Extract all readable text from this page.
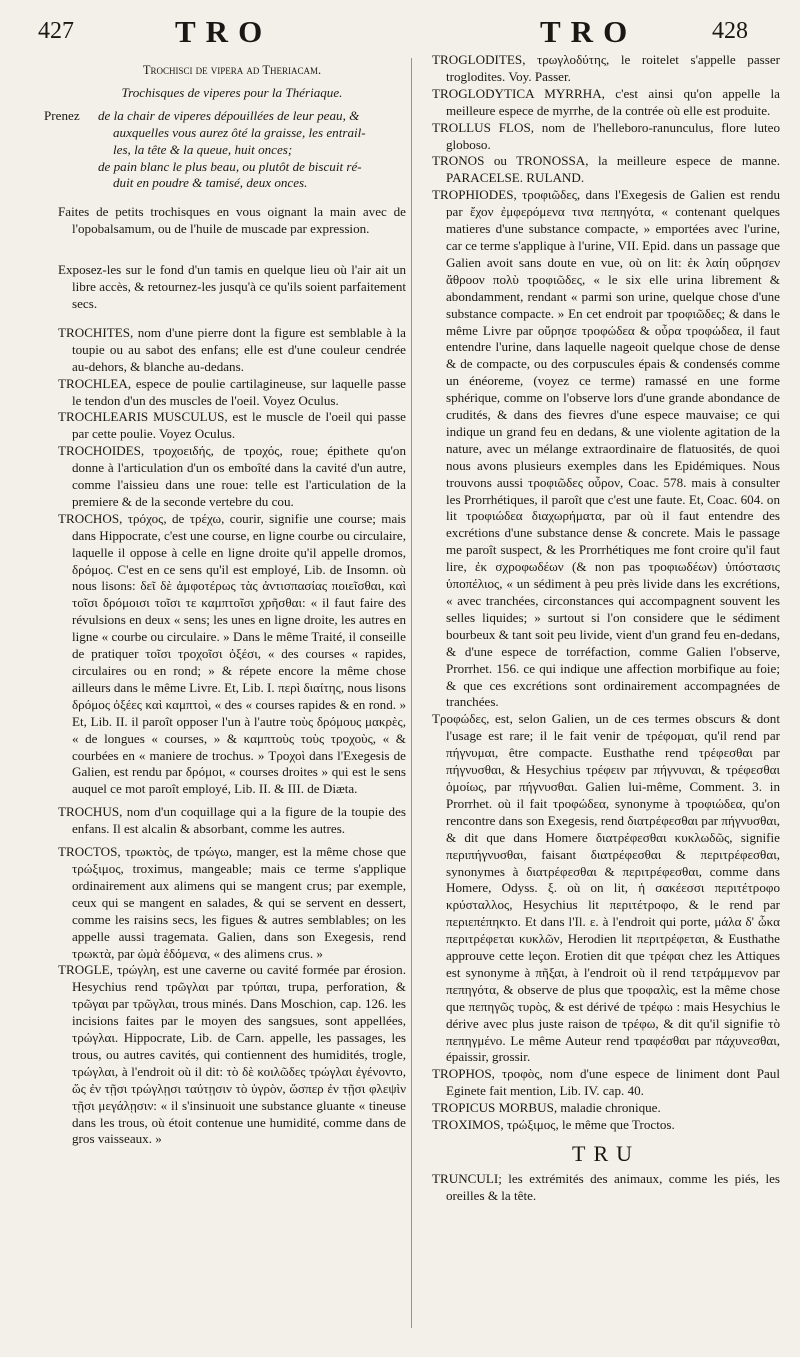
427	TRO	TRO	428

Trochisci de vipera ad Theriacam.

Trochisques de viperes pour la Thériaque.

Prenez	de la chair de viperes dépouillées de leur peau, &

auxquelles vous aurez ôté la graisse, les entrail-

les, la tête & la queue, huit onces;

de pain blanc le plus beau, ou plutôt de biscuit ré-

duit en poudre & tamisé, deux onces.

Faites de petits trochisques en vous oignant la main avec de l'opobalsamum, ou de l'huile de muscade par expression.

Exposez-les sur le fond d'un tamis en quelque lieu où l'air ait un libre accès, & retournez-les jusqu'à ce qu'ils soient parfaitement secs.

TROCHITES, nom d'une pierre dont la figure est semblable à la toupie ou au sabot des enfans; elle est d'une couleur cendrée au-dehors, & blanche au-dedans.

TROCHLEA, espece de poulie cartilagineuse, sur laquelle passe le tendon d'un des muscles de l'oeil. Voyez Oculus.

TROCHLEARIS MUSCULUS, est le muscle de l'oeil qui passe par cette poulie. Voyez Oculus.

TROCHOIDES, τροχοειδής, de τροχός, roue; épithete qu'on donne à l'articulation d'un os emboîté dans la cavité d'un autre, comme l'aissieu dans une roue: telle est l'articulation de la premiere & de la seconde vertebre du cou.

TROCHOS, τρόχος, de τρέχω, courir, signifie une course; mais dans Hippocrate, c'est une course, en ligne courbe ou circulaire, laquelle il oppose à celle en ligne droite qu'il appelle dromos, δρόμος. C'est en ce sens qu'il est employé, Lib. de Insomn. où nous lisons: δεῖ δὲ ἀμφοτέρως τὰς ἀντισπασίας ποιεῖσθαι, καὶ τοῖσι δρόμοισι τοῖσι τε καμπτοῖσι χρῆσθαι: « il faut faire des révulsions en deux « sens; les unes en ligne droite, les autres en ligne « courbe ou circulaire. » Dans le même Traité, il conseille de pratiquer τοῖσι τροχοῖσι ὀξέσι, « des courses « rapides, circulaires ou en rond; » & répete encore la même chose ailleurs dans le même Livre. Et, Lib. I. περὶ διαίτης, nous lisons δρόμος ὀξέες καὶ καμπτοὶ, « des « courses rapides & en rond. » Et, Lib. II. il paroît opposer l'un à l'autre τοὺς δρόμους μακρὲς, « de longues « courses, » & καμπτοὺς τοὺς τροχοὺς, « & courbées en « maniere de trochus. » Τροχοὶ dans l'Exegesis de Galien, est rendu par δρόμοι, « courses droites » qui est le sens auquel ce mot paroît employé, Lib. II. & III. de Diæta.

TROCHUS, nom d'un coquillage qui a la figure de la toupie des enfans. Il est alcalin & absorbant, comme les autres.

TROCTOS, τρωκτὸς, de τρώγω, manger, est la même chose que τρώξιμος, troximus, mangeable; mais ce terme s'applique ordinairement aux alimens qui se mangent crus; par exemple, ceux qui se mangent en salades, & qui se servent en dessert, comme les raisins secs, les figues & autres semblables; on les appelle aussi tragemata. Galien, dans son Exegesis, rend τρωκτὰ, par ὠμὰ ἐδόμενα, « des alimens crus. »

TROGLE, τρώγλη, est une caverne ou cavité formée par érosion. Hesychius rend τρῶγλαι par τρύπαι, trupa, perforation, & τρῶγαι par τρῶγλαι, trous minés. Dans Moschion, cap. 126. les incisions faites par le moyen des sangsues, sont appellées, τρώγλαι. Hippocrate, Lib. de Carn. appelle, les passages, les trous, ou autres cavités, qui contiennent des humidités, trogle, τρώγλαι, à l'endroit où il dit: τὸ δὲ κοιλῶδες τρώγλαι ἐγένοντο, ὥς ἐν τῇσι τρώγλῃσι ταύτῃσιν τὸ ὑγρὸν, ὥσπερ ἐν τῇσι φλεψὶν τῇσι μεγάλῃσιν: « il s'insinuoit une substance gluante « tineuse dans les trous, où étoit contenue une humidité, comme dans de gros vaisseaux. »

TROGLODITES, τρωγλοδύτης, le roitelet s'appelle passer troglodites. Voy. Passer.

TROGLODYTICA MYRRHA, c'est ainsi qu'on appelle la meilleure espece de myrrhe, de la contrée où elle est produite.

TROLLUS FLOS, nom de l'helleboro-ranunculus, flore luteo globoso.

TRONOS ou TRONOSSA, la meilleure espece de manne. PARACELSE. RULAND.

TROPHIODES, τροφιῶδες, dans l'Exegesis de Galien est rendu par ἔχον ἐμφερόμενα τινα πεπηγότα, « contenant quelques matieres d'une substance compacte, » emportées avec l'urine, car ce terme s'applique à l'urine, VII. Epid. dans un passage que Galien avoit sans doute en vue, où on lit: ἐκ λαίη οὔρησεν ἄθροον πολὺ τροφιῶδες, « le six elle urina librement & abondamment, rendant « parmi son urine, quelque chose d'une substance compacte. » En cet endroit par τροφιῶδες; & dans le même Livre par οὔρησε τροφώδεα & οὖρα τροφώδεα, il faut entendre l'urine, dans laquelle nageoit quelque chose de dense & de compacte, ou des corpuscules épais & condensés comme un énéoreme, (voyez ce terme) ramassé en une forme sphérique, comme on l'observe lors d'une grande abondance de crudités, & dans des fievres d'une espece mauvaise; ce qui indique un grand feu en dedans, & une violente agitation de la nature, avec un mélange extraordinaire de flatuosités, de quoi nous avons plusieurs exemples dans les Epidémiques. Nous trouvons aussi τροφιῶδες οὖρον, Coac. 578. mais à consulter les Prorrhétiques, il paroît que c'est une faute. Et, Coac. 604. on lit τροφιώδεα διαχωρήματα, par où il faut entendre des excrétions d'une substance dense & concrete. Mais le passage me paroît suspect, & les Prorrhétiques me font croire qu'il faut lire, ἐκ σχροφωδέων (& non pas τροφιωδέων) ὑπόστασις ὑποπέλιος, « un sédiment à peu près livide dans les excrétions, « avec tranchées, circonstances qui accompagnent souvent les selles liquides; » surtout si l'on considere que le sédiment bourbeux & tant soit peu livide, vient d'un grand feu en-dedans, & d'une espece de torréfaction, comme Galien l'observe, Prorrhet. 156. ce qui indique une affection morbifique au foie; & que ces excrétions sont ordinairement accompagnées de tranchées.

Τροφώδες, est, selon Galien, un de ces termes obscurs & dont l'usage est rare; il le fait venir de τρέφομαι, qu'il rend par πήγνυμαι, être compacte. Eusthathe rend τρέφεσθαι par πήγνυσθαι, & Hesychius τρέφειν par πήγνυναι, & τρέφεσθαι ὁμοίως, par πήγνυσθαι. Galien lui-même, Comment. 3. in Prorrhet. où il fait τροφώδεα, synonyme à τροφιώδεα, qu'on rencontre dans son Exegesis, rend διατρέφεσθαι par πήγνυσθαι, & dit que dans Homere διατρέφεσθαι κυκλωδῶς, signifie περιπήγνυσθαι, faisant διατρέφεσθαι & περιτρέφεσθαι, synonymes à διατρέφεσθαι & περιτρέφεσθαι, comme dans Homere, Odyss. ξ. où on lit, ἡ σακέεσσι περιτέτροφο κρύσταλλος, Hesychius lit περιτέτροφο, & le rend par περιεπέπηκτο. Et dans l'Il. ε. à l'endroit qui porte, μάλα δ' ὦκα περιτρέφεται κυκλῶν, Herodien lit περιτρέφεται, & Eusthathe approuve cette leçon. Erotien dit que τρέφαι chez les Attiques est synonyme à πῆξαι, à l'endroit où il rend τετράμμενον par πεπηγότα, & observe de plus que τροφαλὶς, est la même chose que πεπηγῶς τυρὸς, & est dérivé de τρέφω : mais Hesychius le dérive avec plus juste raison de τρέφω, & dit qu'il signifie τὸ πεπηγμένο. Le même Auteur rend τραφέσθαι par πάχυνεσθαι, épaissir, grossir.

TROPHOS, τροφὸς, nom d'une espece de liniment dont Paul Eginete fait mention, Lib. IV. cap. 40.

TROPICUS MORBUS, maladie chronique.

TROXIMOS, τρώξιμος, le même que Troctos.

TRU

TRUNCULI; les extrémités des animaux, comme les piés, les oreilles & la tête.
